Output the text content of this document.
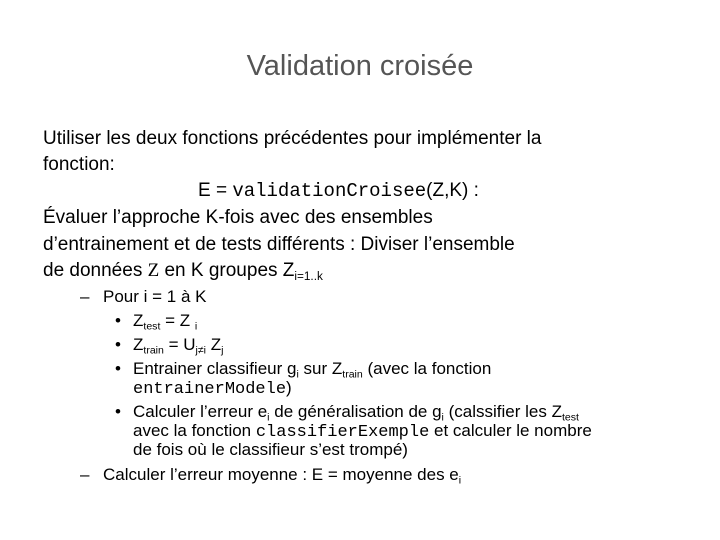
Validation croisée
Utiliser les deux fonctions précédentes pour implémenter la
fonction:
E = validationCroisee(Z,K) :
Évaluer l’approche K-fois avec des ensembles
d’entrainement et de tests différents : Diviser l’ensemble
de données Z en K groupes $Z_{i=1..k}$
– Pour i = 1 à K
• $Z_{test} = Z$ $_i$
• $Z_{train} = U_{j\ne i}$ $Z_j$
• Entrainer classifieur $g_i$ sur $Z_{train}$ (avec la fonction
entrainerModele)
• Calculer l’erreur $e_i$ de généralisation de $g_i$ (calssifier les $Z_{test}$
avec la fonction classifierExemple et calculer le nombre
de fois où le classifieur s’est trompé)
– Calculer l’erreur moyenne : E = moyenne des $e_i$
